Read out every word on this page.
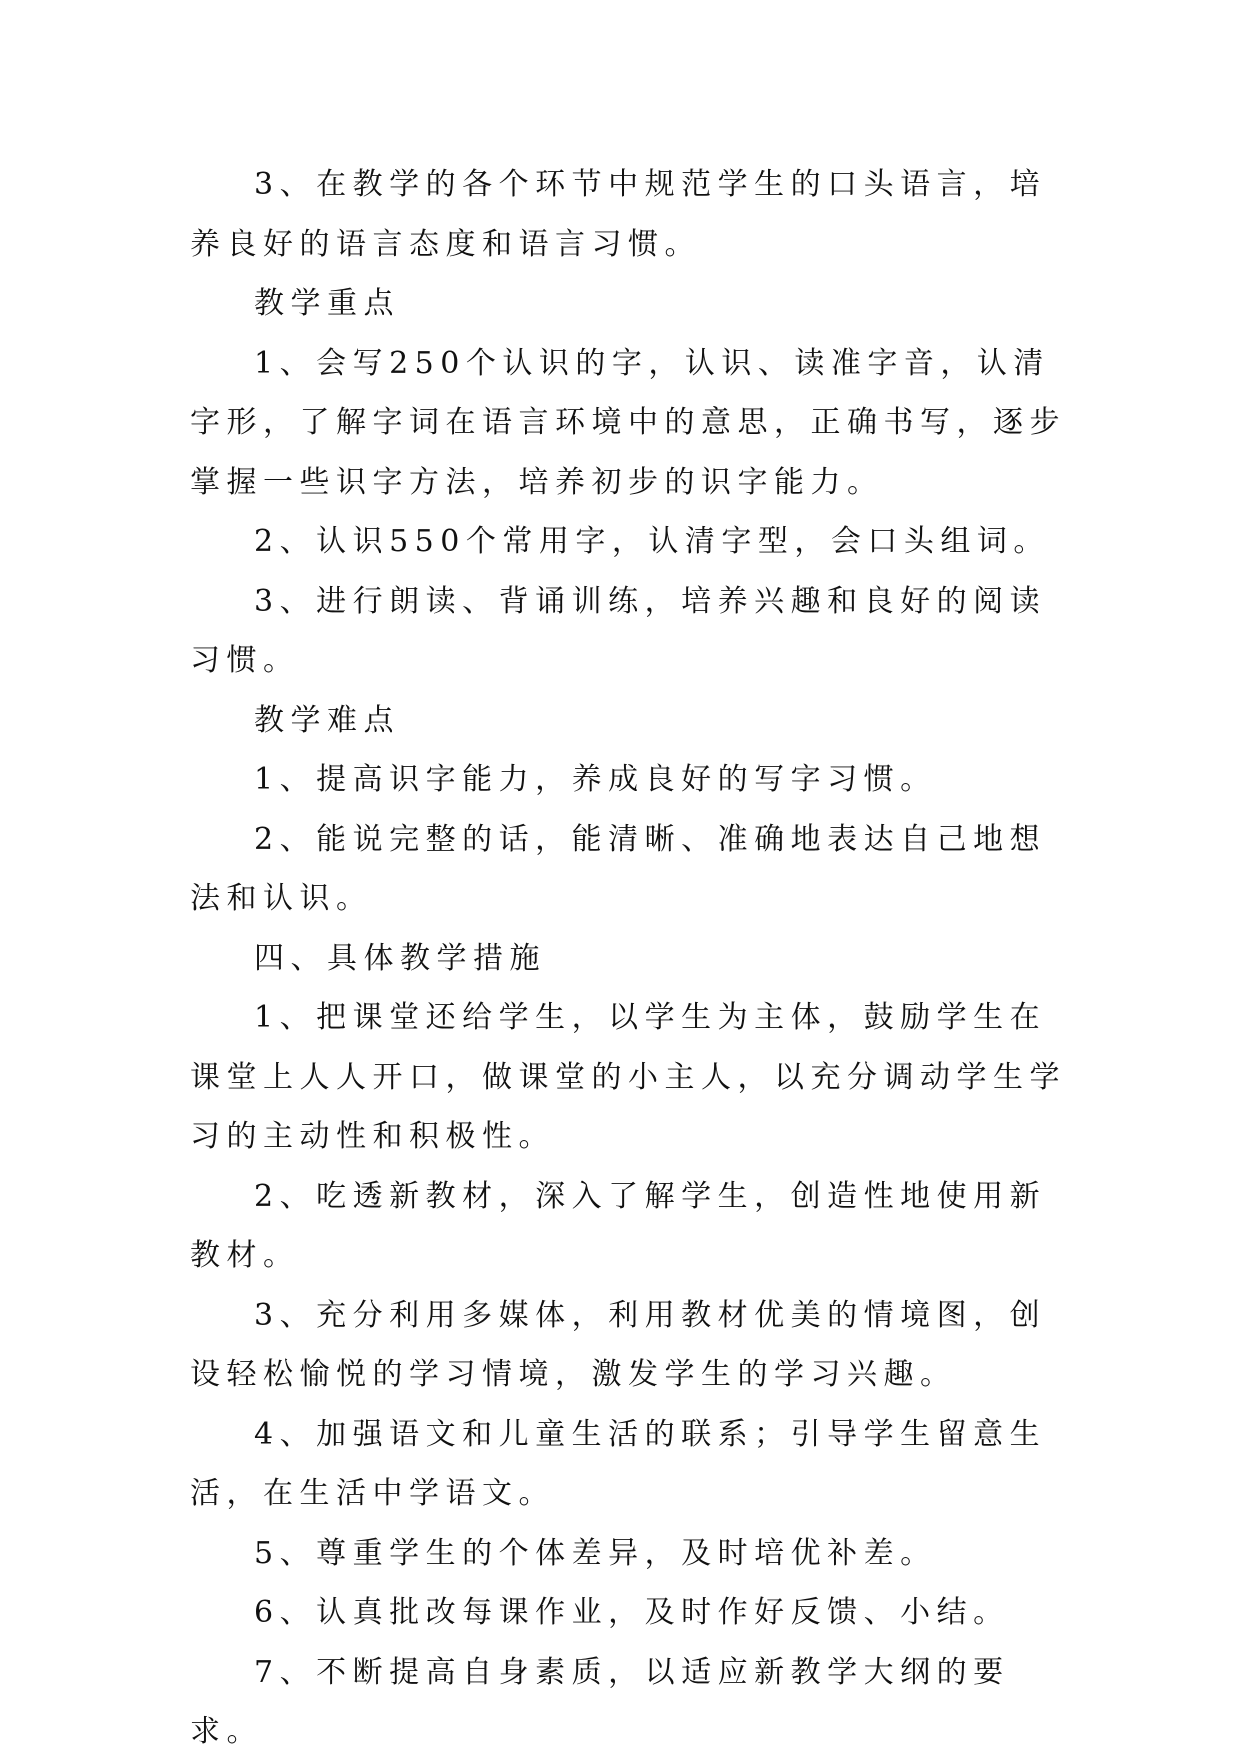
3、在教学的各个环节中规范学生的口头语言，培养良好的语言态度和语言习惯。

教学重点

1、会写250个认识的字，认识、读准字音，认清字形，了解字词在语言环境中的意思，正确书写，逐步掌握一些识字方法，培养初步的识字能力。

2、认识550个常用字，认清字型，会口头组词。

3、进行朗读、背诵训练，培养兴趣和良好的阅读习惯。

教学难点

1、提高识字能力，养成良好的写字习惯。

2、能说完整的话，能清晰、准确地表达自己地想法和认识。

四、具体教学措施

1、把课堂还给学生，以学生为主体，鼓励学生在课堂上人人开口，做课堂的小主人，以充分调动学生学习的主动性和积极性。

2、吃透新教材，深入了解学生，创造性地使用新教材。

3、充分利用多媒体，利用教材优美的情境图，创设轻松愉悦的学习情境，激发学生的学习兴趣。

4、加强语文和儿童生活的联系；引导学生留意生活，在生活中学语文。

5、尊重学生的个体差异，及时培优补差。

6、认真批改每课作业，及时作好反馈、小结。

7、不断提高自身素质，以适应新教学大纲的要求。
